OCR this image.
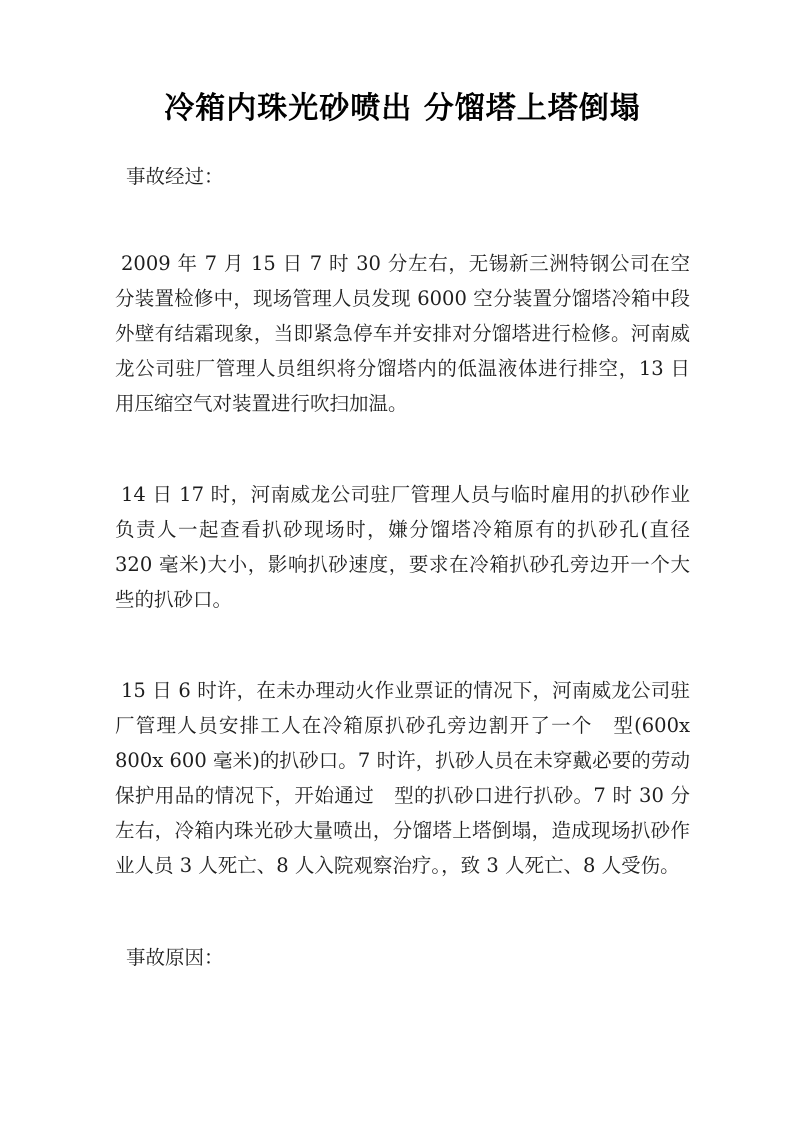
冷箱内珠光砂喷出 分馏塔上塔倒塌
事故经过：

2009 年 7 月 15 日 7 时 30 分左右，无锡新三洲特钢公司在空分装置检修中，现场管理人员发现 6000 空分装置分馏塔冷箱中段外壁有结霜现象，当即紧急停车并安排对分馏塔进行检修。河南威龙公司驻厂管理人员组织将分馏塔内的低温液体进行排空，13 日用压缩空气对装置进行吹扫加温。

14 日 17 时，河南威龙公司驻厂管理人员与临时雇用的扒砂作业负责人一起查看扒砂现场时，嫌分馏塔冷箱原有的扒砂孔(直径 320 毫米)大小，影响扒砂速度，要求在冷箱扒砂孔旁边开一个大些的扒砂口。

15 日 6 时许，在未办理动火作业票证的情况下，河南威龙公司驻厂管理人员安排工人在冷箱原扒砂孔旁边割开了一个　型(600x 800x 600 毫米)的扒砂口。7 时许，扒砂人员在未穿戴必要的劳动保护用品的情况下，开始通过　型的扒砂口进行扒砂。7 时 30 分左右，冷箱内珠光砂大量喷出，分馏塔上塔倒塌，造成现场扒砂作业人员 3 人死亡、8 人入院观察治疗。，致 3 人死亡、8 人受伤。

事故原因：
